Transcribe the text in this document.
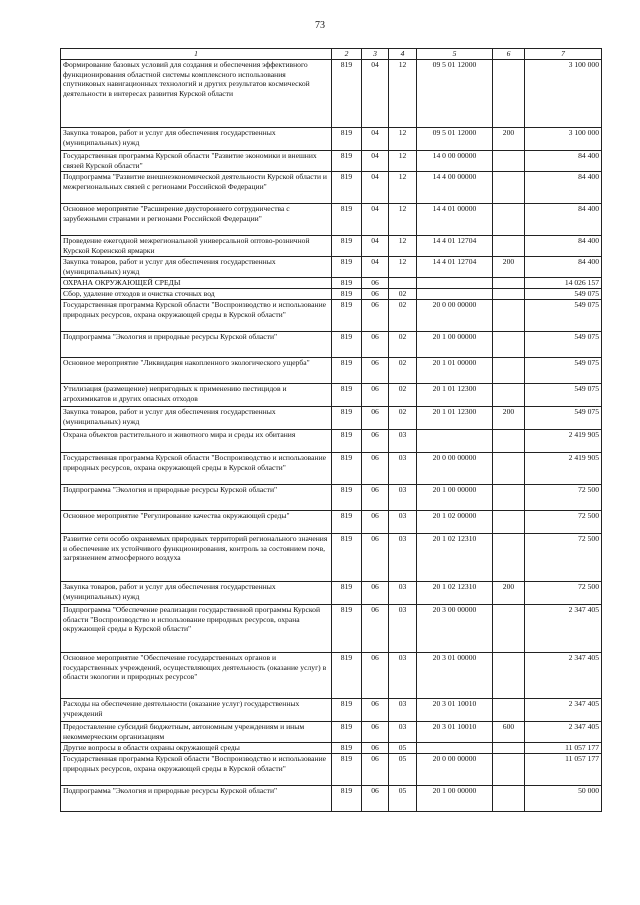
73
1	2	3	4	5	6	7
Формирование базовых условий для создания и обеспечения эффективного функционирования областной системы комплексного использования спутниковых навигационных технологий и других результатов космической деятельности в интересах развития Курской области	819	04	12	09 5 01 12000		3 100 000
Закупка товаров, работ и услуг для обеспечения государственных (муниципальных) нужд	819	04	12	09 5 01 12000	200	3 100 000
Государственная программа Курской области "Развитие экономики и внешних связей Курской области"	819	04	12	14 0 00 00000		84 400
Подпрограмма "Развитие внешнеэкономической деятельности Курской области и межрегиональных связей с регионами Российской Федерации"	819	04	12	14 4 00 00000		84 400
Основное мероприятие "Расширение двустороннего сотрудничества с зарубежными странами и регионами Российской Федерации"	819	04	12	14 4 01 00000		84 400
Проведение ежегодной межрегиональной универсальной оптово-розничной Курской Коренской ярмарки	819	04	12	14 4 01 12704		84 400
Закупка товаров, работ и услуг для обеспечения государственных (муниципальных) нужд	819	04	12	14 4 01 12704	200	84 400
ОХРАНА ОКРУЖАЮЩЕЙ СРЕДЫ	819	06				14 026 157
Сбор, удаление отходов и очистка сточных вод	819	06	02			549 075
Государственная программа Курской области "Воспроизводство и использование природных ресурсов, охрана окружающей среды в Курской области"	819	06	02	20 0 00 00000		549 075
Подпрограмма "Экология и природные ресурсы Курской области"	819	06	02	20 1 00 00000		549 075
Основное мероприятие "Ликвидация накопленного экологического ущерба"	819	06	02	20 1 01 00000		549 075
Утилизация (размещение) непригодных к применению пестицидов и агрохимикатов и других опасных отходов	819	06	02	20 1 01 12300		549 075
Закупка товаров, работ и услуг для обеспечения государственных (муниципальных) нужд	819	06	02	20 1 01 12300	200	549 075
Охрана объектов растительного и животного мира и среды их обитания	819	06	03			2 419 905
Государственная программа Курской области "Воспроизводство и использование природных ресурсов, охрана окружающей среды в Курской области"	819	06	03	20 0 00 00000		2 419 905
Подпрограмма "Экология и природные ресурсы Курской области"	819	06	03	20 1 00 00000		72 500
Основное мероприятие "Регулирование качества окружающей среды"	819	06	03	20 1 02 00000		72 500
Развитие сети особо охраняемых природных территорий регионального значения и обеспечение их устойчивого функционирования, контроль за состоянием почв, загрязнением атмосферного воздуха	819	06	03	20 1 02 12310		72 500
Закупка товаров, работ и услуг для обеспечения государственных (муниципальных) нужд	819	06	03	20 1 02 12310	200	72 500
Подпрограмма "Обеспечение реализации государственной программы Курской области "Воспроизводство и использование природных ресурсов, охрана окружающей среды в Курской области"	819	06	03	20 3 00 00000		2 347 405
Основное мероприятие "Обеспечение государственных органов и государственных учреждений, осуществляющих деятельность (оказание услуг) в области экологии и природных ресурсов"	819	06	03	20 3 01 00000		2 347 405
Расходы на обеспечение деятельности (оказание услуг) государственных учреждений	819	06	03	20 3 01 10010		2 347 405
Предоставление субсидий бюджетным, автономным учреждениям и иным некоммерческим организациям	819	06	03	20 3 01 10010	600	2 347 405
Другие вопросы в области охраны окружающей среды	819	06	05			11 057 177
Государственная программа Курской области "Воспроизводство и использование природных ресурсов, охрана окружающей среды в Курской области"	819	06	05	20 0 00 00000		11 057 177
Подпрограмма "Экология и природные ресурсы Курской области"	819	06	05	20 1 00 00000		50 000
